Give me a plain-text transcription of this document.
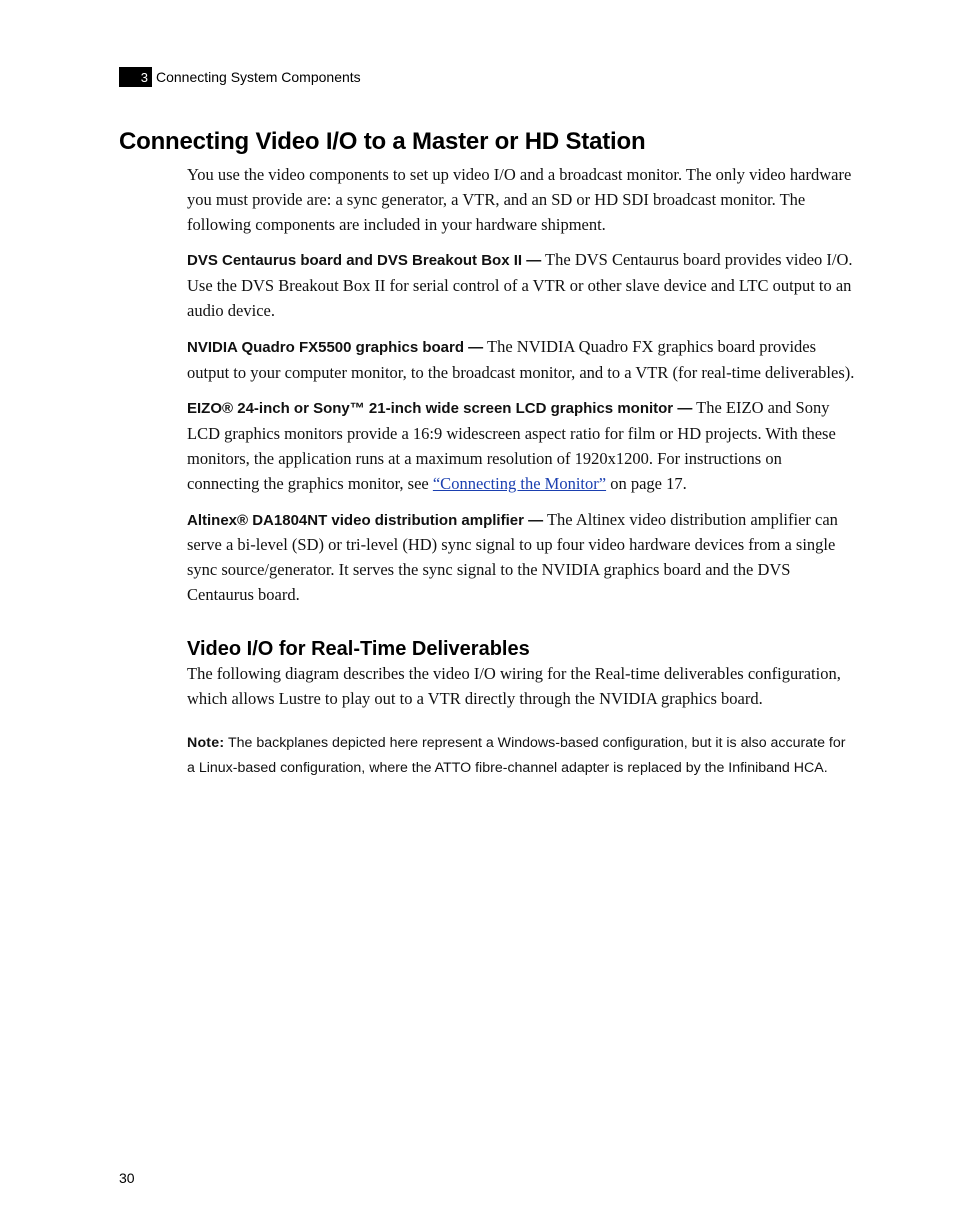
3 Connecting System Components
Connecting Video I/O to a Master or HD Station

You use the video components to set up video I/O and a broadcast monitor. The only video hardware you must provide are: a sync generator, a VTR, and an SD or HD SDI broadcast monitor. The following components are included in your hardware shipment.

DVS Centaurus board and DVS Breakout Box II — The DVS Centaurus board provides video I/O. Use the DVS Breakout Box II for serial control of a VTR or other slave device and LTC output to an audio device.

NVIDIA Quadro FX5500 graphics board — The NVIDIA Quadro FX graphics board provides output to your computer monitor, to the broadcast monitor, and to a VTR (for real-time deliverables).

EIZO® 24-inch or Sony™ 21-inch wide screen LCD graphics monitor — The EIZO and Sony LCD graphics monitors provide a 16:9 widescreen aspect ratio for film or HD projects. With these monitors, the application runs at a maximum resolution of 1920x1200. For instructions on connecting the graphics monitor, see “Connecting the Monitor” on page 17.

Altinex® DA1804NT video distribution amplifier — The Altinex video distribution amplifier can serve a bi-level (SD) or tri-level (HD) sync signal to up four video hardware devices from a single sync source/generator. It serves the sync signal to the NVIDIA graphics board and the DVS Centaurus board.

Video I/O for Real-Time Deliverables

The following diagram describes the video I/O wiring for the Real-time deliverables configuration, which allows Lustre to play out to a VTR directly through the NVIDIA graphics board.

Note: The backplanes depicted here represent a Windows-based configuration, but it is also accurate for a Linux-based configuration, where the ATTO fibre-channel adapter is replaced by the Infiniband HCA.

30
